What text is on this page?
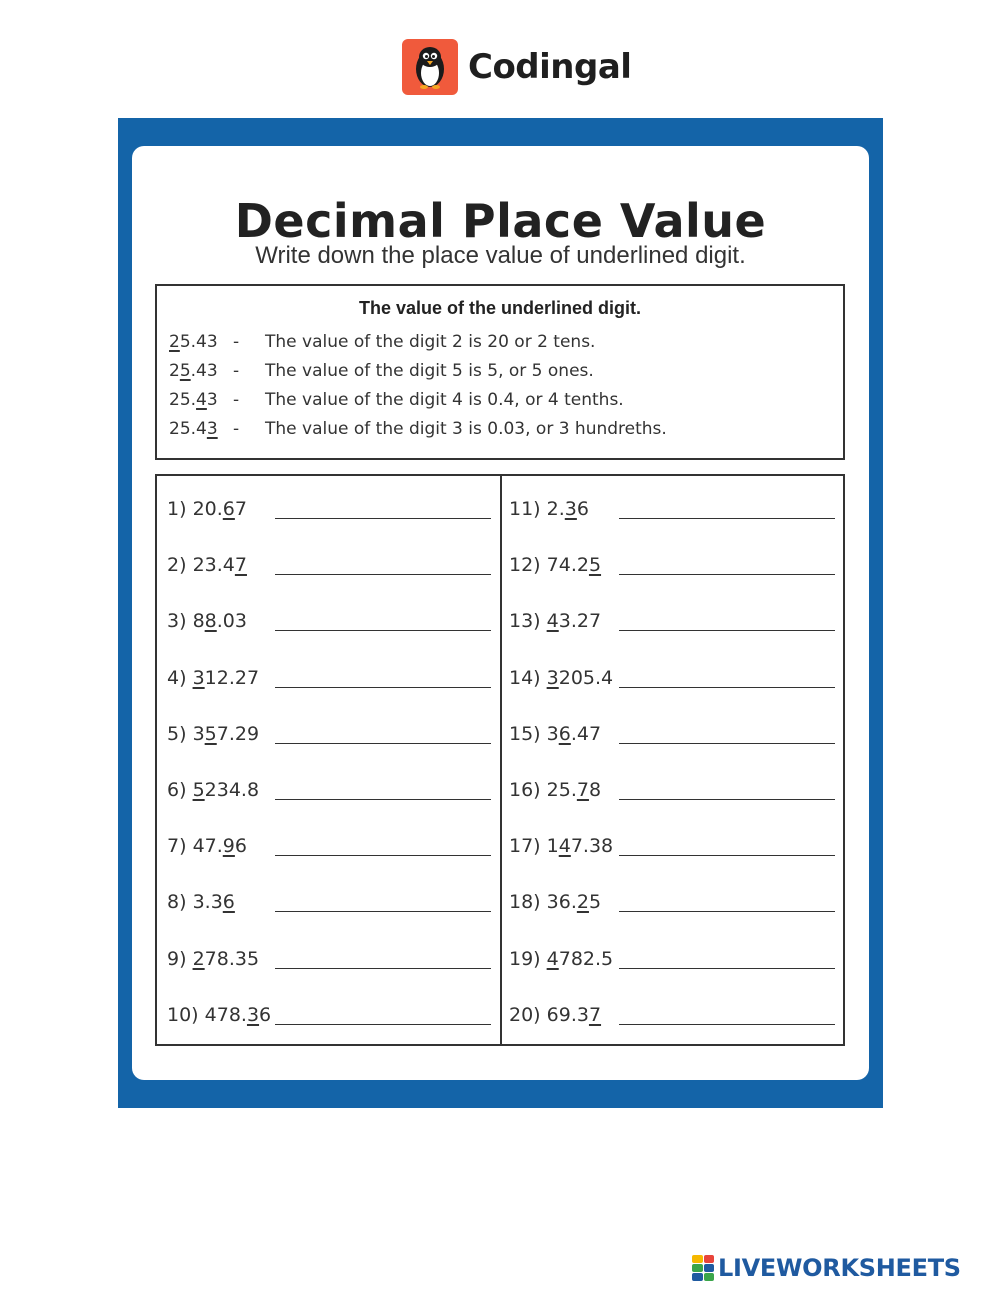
Codingal
Decimal Place Value
Write down the place value of underlined digit.
The value of the underlined digit.
25.43 -	The value of the digit 2 is 20 or 2 tens.
25.43 -	The value of the digit 5 is 5, or 5 ones.
25.43 -	The value of the digit 4 is 0.4, or 4 tenths.
25.43 -	The value of the digit 3 is 0.03, or 3 hundreths.
1) 20.67
2) 23.47
3) 88.03
4) 312.27
5) 357.29
6) 5234.8
7) 47.96
8) 3.36
9) 278.35
10) 478.36
11) 2.36
12) 74.25
13) 43.27
14) 3205.4
15) 36.47
16) 25.78
17) 147.38
18) 36.25
19) 4782.5
20) 69.37
LIVEWORKSHEETS
